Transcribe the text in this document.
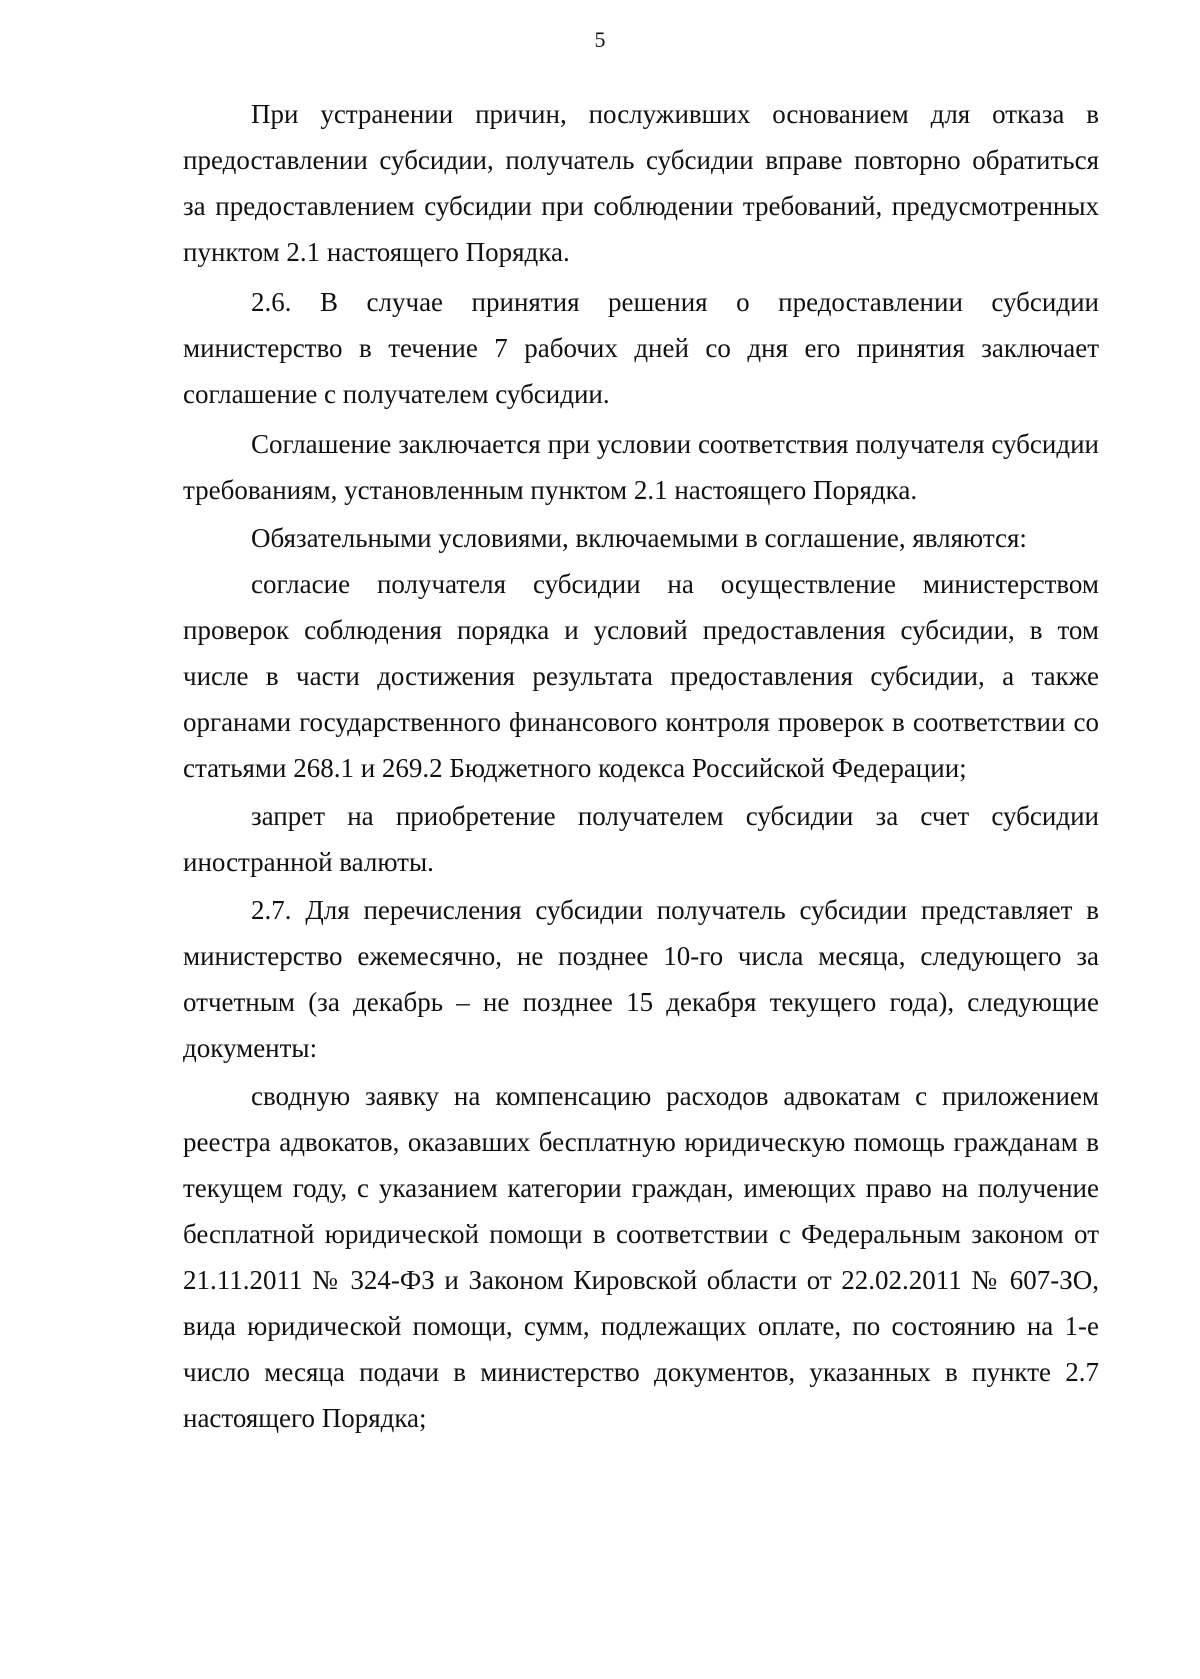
5

При устранении причин, послуживших основанием для отказа в предоставлении субсидии, получатель субсидии вправе повторно обратиться за предоставлением субсидии при соблюдении требований, предусмотренных пунктом 2.1 настоящего Порядка.

2.6. В случае принятия решения о предоставлении субсидии министерство в течение 7 рабочих дней со дня его принятия заключает соглашение с получателем субсидии.

Соглашение заключается при условии соответствия получателя субсидии требованиям, установленным пунктом 2.1 настоящего Порядка.

Обязательными условиями, включаемыми в соглашение, являются:

согласие получателя субсидии на осуществление министерством проверок соблюдения порядка и условий предоставления субсидии, в том числе в части достижения результата предоставления субсидии, а также органами государственного финансового контроля проверок в соответствии со статьями 268.1 и 269.2 Бюджетного кодекса Российской Федерации;

запрет на приобретение получателем субсидии за счет субсидии иностранной валюты.

2.7. Для перечисления субсидии получатель субсидии представляет в министерство ежемесячно, не позднее 10-го числа месяца, следующего за отчетным (за декабрь – не позднее 15 декабря текущего года), следующие документы:

сводную заявку на компенсацию расходов адвокатам с приложением реестра адвокатов, оказавших бесплатную юридическую помощь гражданам в текущем году, с указанием категории граждан, имеющих право на получение бесплатной юридической помощи в соответствии с Федеральным законом от 21.11.2011 № 324-ФЗ и Законом Кировской области от 22.02.2011 № 607-ЗО, вида юридической помощи, сумм, подлежащих оплате, по состоянию на 1-е число месяца подачи в министерство документов, указанных в пункте 2.7 настоящего Порядка;
